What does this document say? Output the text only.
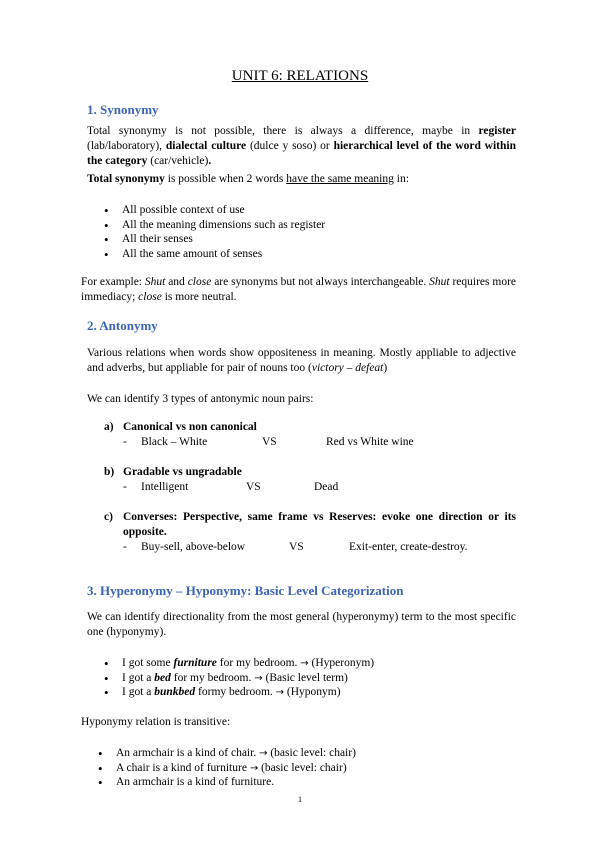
UNIT 6: RELATIONS
1. Synonymy
Total synonymy is not possible, there is always a difference, maybe in register (lab/laboratory), dialectal culture (dulce y soso) or hierarchical level of the word within the category (car/vehicle).
Total synonymy is possible when 2 words have the same meaning in:
• All possible context of use
• All the meaning dimensions such as register
• All their senses
• All the same amount of senses
For example: Shut and close are synonyms but not always interchangeable. Shut requires more immediacy; close is more neutral.
2. Antonymy
Various relations when words show oppositeness in meaning. Mostly appliable to adjective and adverbs, but appliable for pair of nouns too (victory – defeat)
We can identify 3 types of antonymic noun pairs:
a) Canonical vs non canonical
- Black – White	VS	Red vs White wine
b) Gradable vs ungradable
- Intelligent	VS	Dead
c) Converses: Perspective, same frame vs Reserves: evoke one direction or its opposite.
- Buy-sell, above-below	VS	Exit-enter, create-destroy.
3. Hyperonymy – Hyponymy: Basic Level Categorization
We can identify directionality from the most general (hyperonymy) term to the most specific one (hyponymy).
• I got some furniture for my bedroom. → (Hyperonym)
• I got a bed for my bedroom. → (Basic level term)
• I got a bunkbed formy bedroom. → (Hyponym)
Hyponymy relation is transitive:
• An armchair is a kind of chair. → (basic level: chair)
• A chair is a kind of furniture → (basic level: chair)
• An armchair is a kind of furniture.
1
